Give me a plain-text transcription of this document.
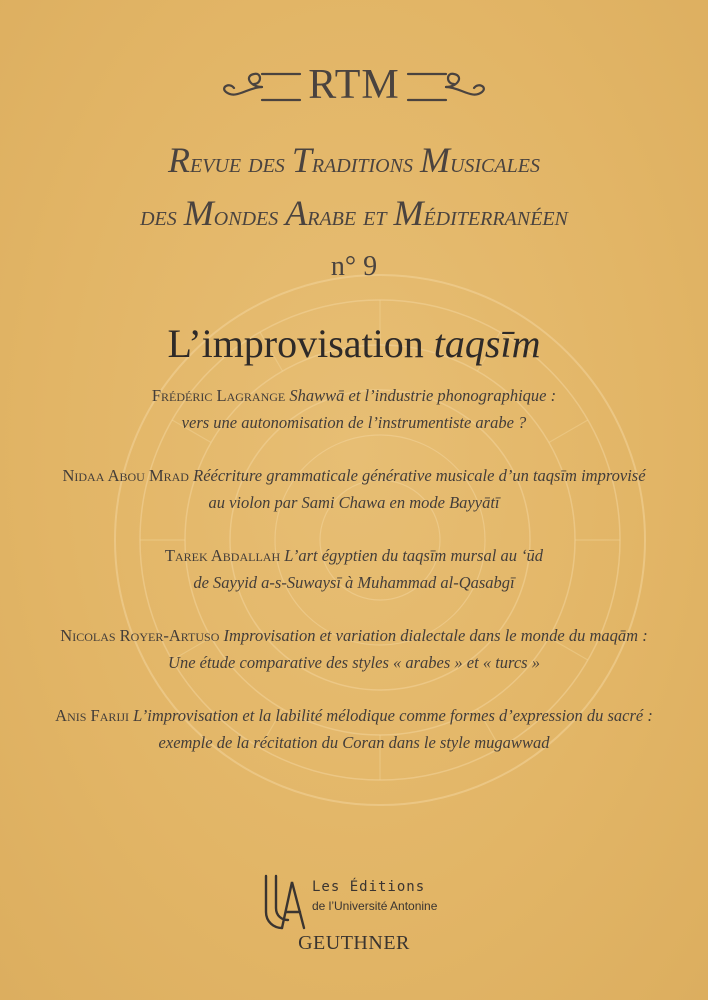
RTM
Revue des Traditions Musicales
des Mondes Arabe et Méditerranéen
n° 9
L’improvisation taqsīm
Frédéric Lagrange Shawwā et l’industrie phonographique :
vers une autonomisation de l’instrumentiste arabe ?
Nidaa Abou Mrad Réécriture grammaticale générative musicale d’un taqsīm improvisé
au violon par Sami Chawa en mode Bayyātī
Tarek Abdallah L’art égyptien du taqsīm mursal au ‘ūd
de Sayyid a-s-Suwaysī à Muhammad al-Qasabgī
Nicolas Royer-Artuso Improvisation et variation dialectale dans le monde du maqām :
Une étude comparative des styles « arabes » et « turcs »
Anis Fariji L’improvisation et la labilité mélodique comme formes d’expression du sacré :
exemple de la récitation du Coran dans le style mugawwad
Les Éditions
de l’Université Antonine
GEUTHNER
